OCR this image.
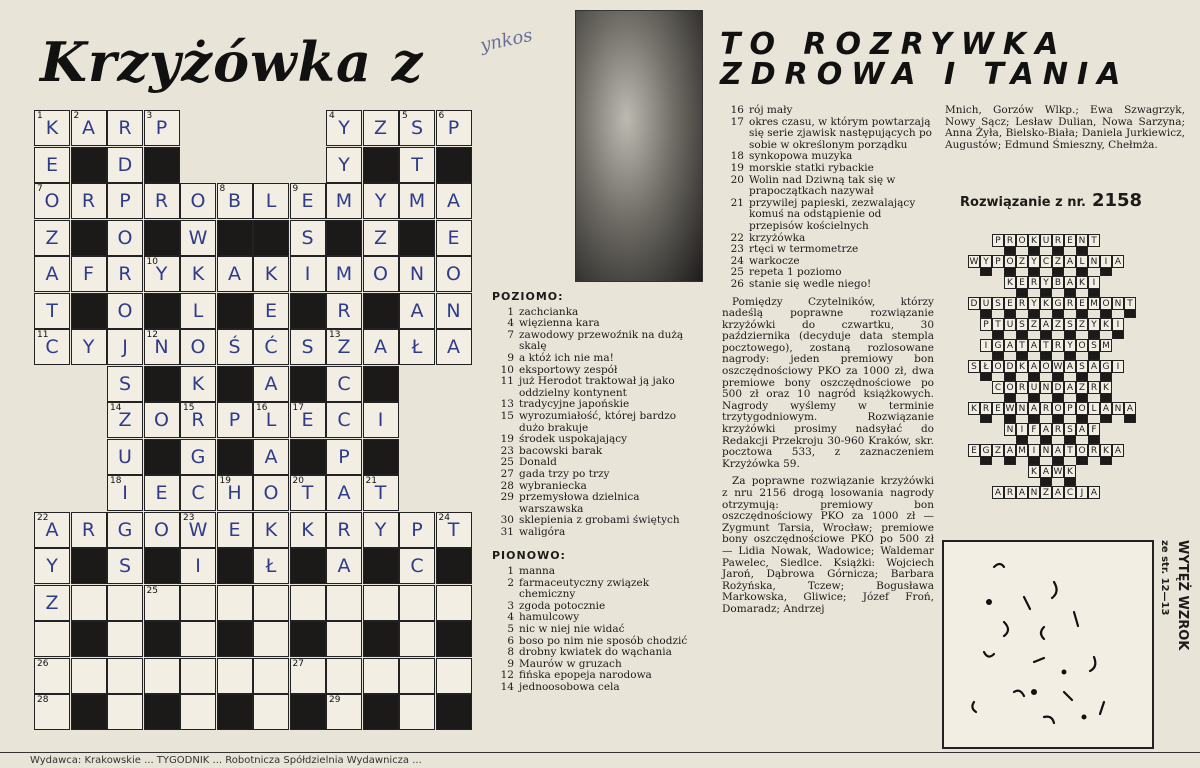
Krzyżówka z	ynkos	TO ROZRYWKA
ZDROWA I TANIA
1
K
2
A	R
3
P
4
Y	Z
5
S
6
P
E	D	Y	T
7
O	R	P	R	O
8
B	L
9
E	M	Y	M	A
Z	O	W	S	Z	E
A	F	R
10
Y	K	A	K	I	M	O	N	O
T	O	L	E	R	A	N
11
C	Y	J
12
N	O	Ś	Ć	S
13
Z	A	Ł	A
S	K	A	C
14
Z	O
15
R	P
16
L
17
E	C	I
U	G	A	P
18
I	E	C
19
H	O
20
T	A
21
T
22
A	R	G	O
23
W	E	K	K	R	Y	P
24
T
Y	S	I	Ł	A	C
Z
25
26	27
28	29
POZIOMO:
1 zachcianka
4 więzienna kara
7 zawodowy przewoźnik na dużą skalę
9 a któż ich nie ma!
10 eksportowy zespół
11 już Herodot traktował ją jako oddzielny kontynent
13 tradycyjne japońskie
15 wyrozumiałość, której bardzo dużo brakuje
19 środek uspokajający
23 bacowski barak
25 Donald
27 gada trzy po trzy
28 wybraniecka
29 przemysłowa dzielnica warszawska
30 sklepienia z grobami świętych
31 waligóra
PIONOWO:
1 manna
2 farmaceutyczny związek chemiczny
3 zgoda potocznie
4 hamulcowy
5 nic w niej nie widać
6 boso po nim nie sposób chodzić
8 drobny kwiatek do wąchania
9 Maurów w gruzach
12 fińska epopeja narodowa
14 jednoosobowa cela
16 rój mały
17 okres czasu, w którym powtarzają się serie zjawisk następujących po sobie w określonym porządku
18 synkopowa muzyka
19 morskie statki rybackie
20 Wolin nad Dziwną tak się w prapoczątkach nazywał
21 przywilej papieski, zezwalający komuś na odstąpienie od przepisów kościelnych
22 krzyżówka
23 rtęci w termometrze
24 warkocze
25 repeta 1 poziomo
26 stanie się wedle niego!

Pomiędzy Czytelników, którzy nadeślą poprawne rozwiązanie krzyżówki do czwartku, 30 października (decyduje data stempla pocztowego), zostaną rozlosowane nagrody: jeden premiowy bon oszczędnościowy PKO za 1000 zł, dwa premiowe bony oszczędnościowe po 500 zł oraz 10 nagród książkowych. Nagrody wyślemy w terminie trzytygodniowym. Rozwiązanie krzyżówki prosimy nadsyłać do Redakcji Przekroju 30-960 Kraków, skr. pocztowa 533, z zaznaczeniem Krzyżówka 59.

Za poprawne rozwiązanie krzyżówki z nru 2156 drogą losowania nagrody otrzymują: premiowy bon oszczędnościowy PKO za 1000 zł — Zygmunt Tarsia, Wrocław; premiowe bony oszczędnościowe PKO po 500 zł — Lidia Nowak, Wadowice; Waldemar Pawelec, Siedlce. Książki: Wojciech Jaroń, Dąbrowa Górnicza; Barbara Rożyńska, Tczew; Bogusława Markowska, Gliwice; Józef Froń, Domaradz; Andrzej

Mnich, Gorzów Wlkp.; Ewa Szwagrzyk, Nowy Sącz; Lesław Dulian, Nowa Sarzyna; Anna Żyła, Bielsko-Biała; Daniela Jurkiewicz, Augustów; Edmund Śmieszny, Chełmża.

Rozwiązanie z nr. 2158
P R O K U R E N T
W Y P O Z Y C Z A L N I A
K E R Y B A K I
D U S E R Y K G R E M O N T
P T U S Z A Z S Z Y K I
I G A T A T R Y O S M
S Ł O D K A O W A S A G I
C O R U N D A Z R K
K R E W N A R O P O L A N A
N I F A R S A F
E G Z A M I N A T O R K A
K A W K
A R A N Z A C J A
WYTĘŻ WZROK
ze str. 12—13
Wydawca: Krakowskie ... TYGODNIK ... Robotnicza Spółdzielnia Wydawnicza ...
